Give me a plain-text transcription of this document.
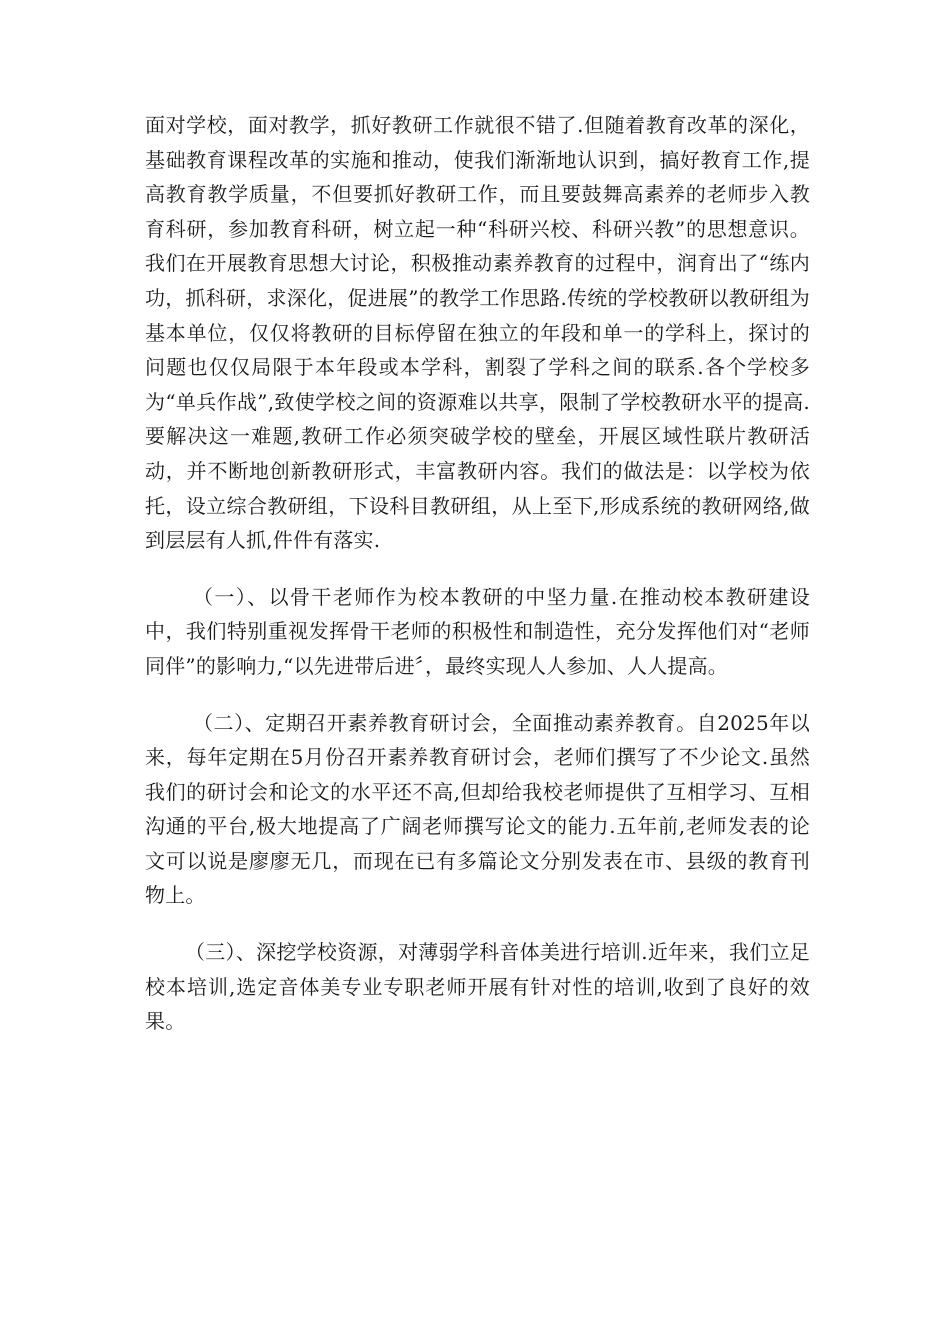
面对学校，面对教学，抓好教研工作就很不错了.但随着教育改革的深化，基础教育课程改革的实施和推动，使我们渐渐地认识到，搞好教育工作,提高教育教学质量，不但要抓好教研工作，而且要鼓舞高素养的老师步入教育科研，参加教育科研，树立起一种“科研兴校、科研兴教”的思想意识。我们在开展教育思想大讨论，积极推动素养教育的过程中，润育出了“练内功，抓科研，求深化，促进展”的教学工作思路.传统的学校教研以教研组为基本单位，仅仅将教研的目标停留在独立的年段和单一的学科上，探讨的问题也仅仅局限于本年段或本学科，割裂了学科之间的联系.各个学校多为“单兵作战”,致使学校之间的资源难以共享，限制了学校教研水平的提高.要解决这一难题,教研工作必须突破学校的壁垒，开展区域性联片教研活动，并不断地创新教研形式，丰富教研内容。我们的做法是：以学校为依托，设立综合教研组，下设科目教研组，从上至下,形成系统的教研网络,做到层层有人抓,件件有落实.

（一）、以骨干老师作为校本教研的中坚力量.在推动校本教研建设中，我们特别重视发挥骨干老师的积极性和制造性，充分发挥他们对“老师同伴”的影响力,“以先进带后进〞，最终实现人人参加、人人提高。

（二）、定期召开素养教育研讨会，全面推动素养教育。自2025年以来，每年定期在5月份召开素养教育研讨会，老师们撰写了不少论文.虽然我们的研讨会和论文的水平还不高,但却给我校老师提供了互相学习、互相沟通的平台,极大地提高了广阔老师撰写论文的能力.五年前,老师发表的论文可以说是廖廖无几，而现在已有多篇论文分别发表在市、县级的教育刊物上。

（三）、深挖学校资源，对薄弱学科音体美进行培训.近年来，我们立足校本培训,选定音体美专业专职老师开展有针对性的培训,收到了良好的效果。
